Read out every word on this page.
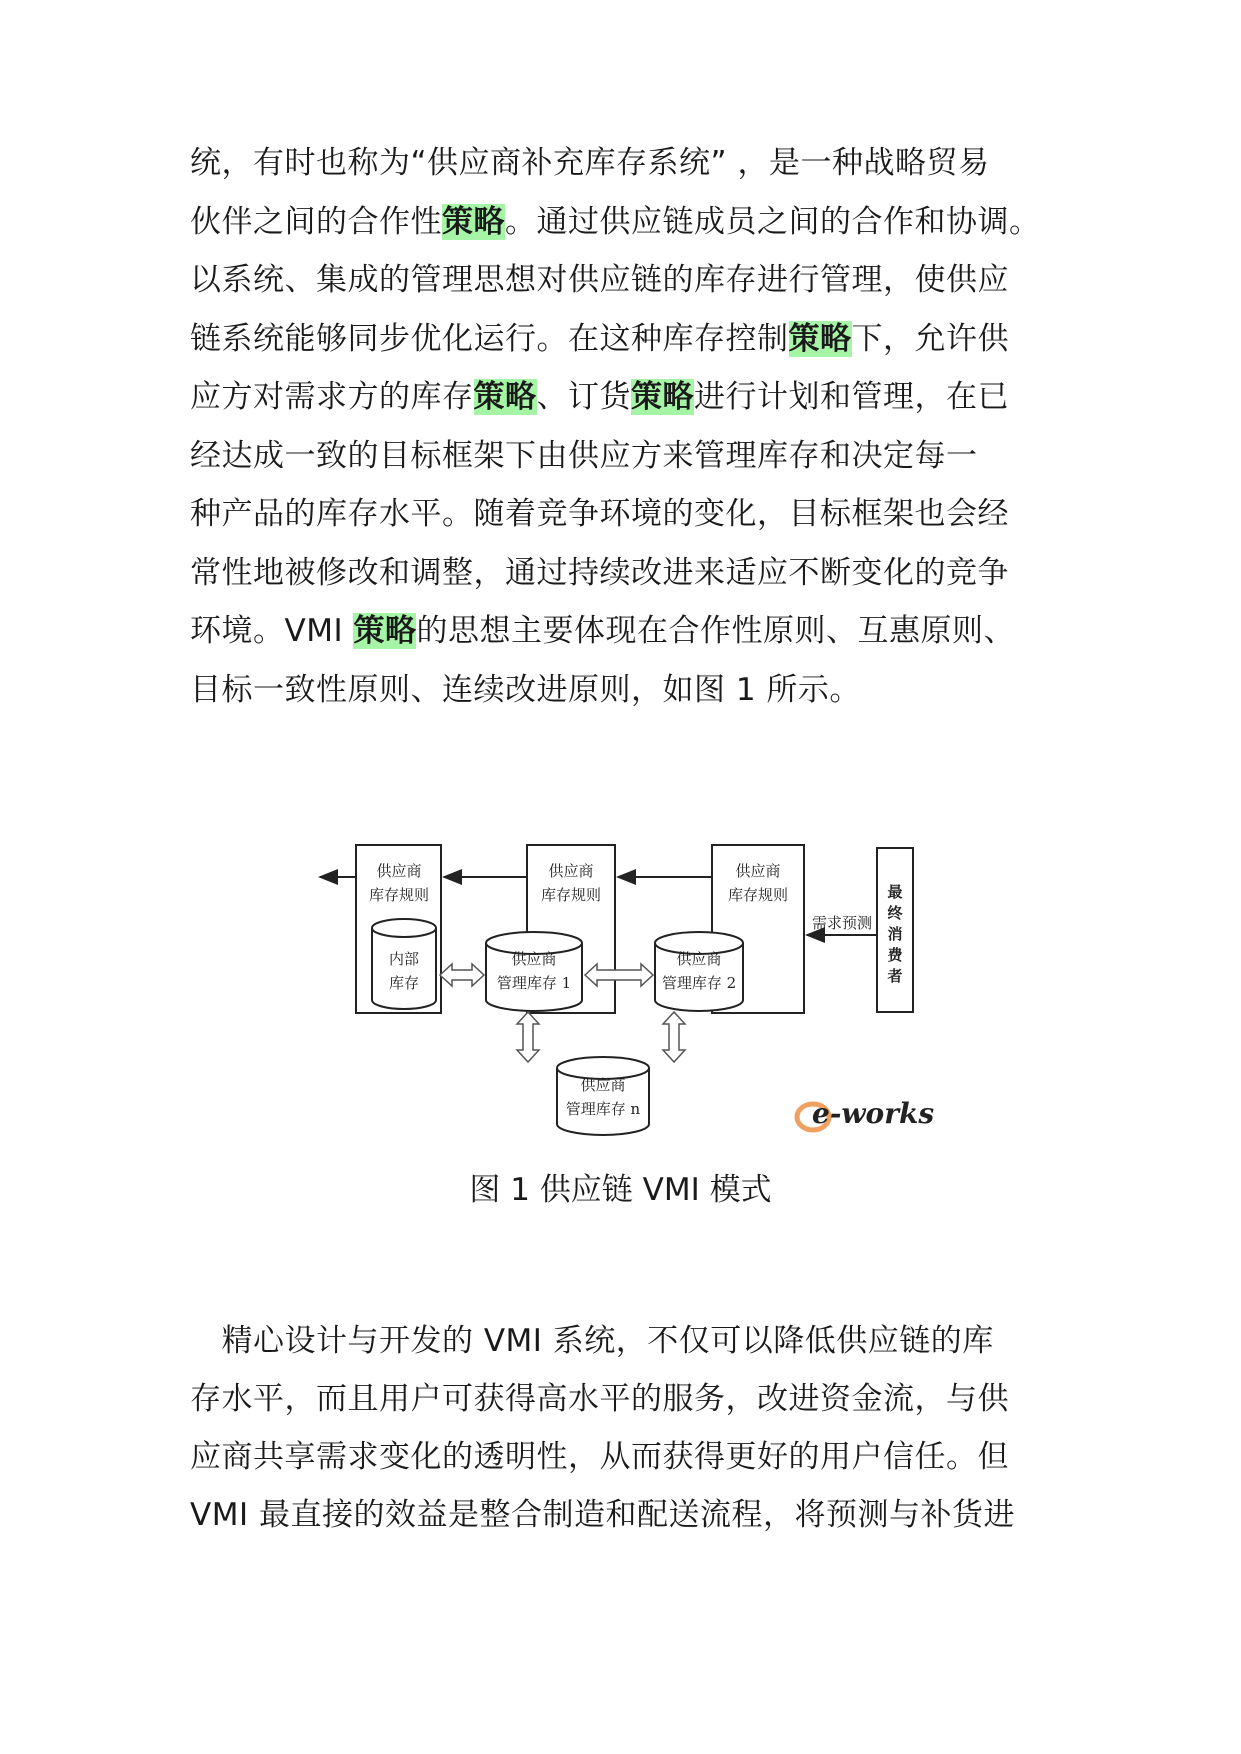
统，有时也称为“供应商补充库存系统” ，是一种战略贸易
伙伴之间的合作性策略。通过供应链成员之间的合作和协调。
以系统、集成的管理思想对供应链的库存进行管理，使供应
链系统能够同步优化运行。在这种库存控制策略下，允许供
应方对需求方的库存策略、订货策略进行计划和管理，在已
经达成一致的目标框架下由供应方来管理库存和决定每一
种产品的库存水平。随着竞争环境的变化，目标框架也会经
常性地被修改和调整，通过持续改进来适应不断变化的竞争
环境。VMI 策略的思想主要体现在合作性原则、互惠原则、
目标一致性原则、连续改进原则，如图 1 所示。
供应商
库存规则
供应商
库存规则
供应商
库存规则
内部
库存
供应商
管理库存 1
供应商
管理库存 2
供应商
管理库存 n
需求预测
最
终
消
费
者
e-works
图 1 供应链 VMI 模式
　精心设计与开发的 VMI 系统，不仅可以降低供应链的库
存水平，而且用户可获得高水平的服务，改进资金流，与供
应商共享需求变化的透明性，从而获得更好的用户信任。但
VMI 最直接的效益是整合制造和配送流程，将预测与补货进
